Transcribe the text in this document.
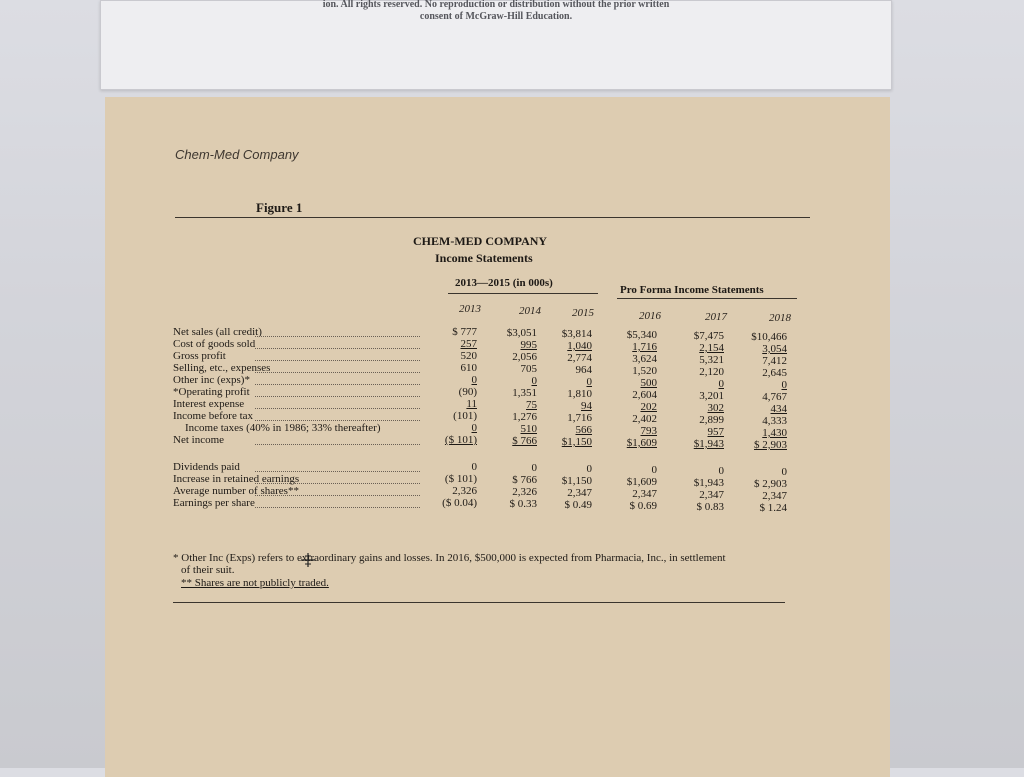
ion. All rights reserved. No reproduction or distribution without the prior written
consent of McGraw-Hill Education.
Chem-Med Company
Figure 1
CHEM-MED COMPANY
Income Statements
2013—2015 (in 000s)
Pro Forma Income Statements
2013	2014	2015	2016	2017	2018
Net sales (all credit)	$ 777	$3,051	$3,814	$5,340	$7,475	$10,466
Cost of goods sold	257	995	1,040	1,716	2,154	3,054
Gross profit	520	2,056	2,774	3,624	5,321	7,412
Selling, etc., expenses	610	705	964	1,520	2,120	2,645
Other inc (exps)*	0	0	0	500	0	0
*Operating profit	(90)	1,351	1,810	2,604	3,201	4,767
Interest expense	11	75	94	202	302	434
Income before tax	(101)	1,276	1,716	2,402	2,899	4,333
Income taxes (40% in 1986; 33% thereafter)	0	510	566	793	957	1,430
Net income	($ 101)	$ 766	$1,150	$1,609	$1,943	$ 2,903
Dividends paid	0	0	0	0	0	0
Increase in retained earnings	($ 101)	$ 766	$1,150	$1,609	$1,943	$ 2,903
Average number of shares**	2,326	2,326	2,347	2,347	2,347	2,347
Earnings per share	($ 0.04)	$ 0.33	$ 0.49	$ 0.69	$ 0.83	$ 1.24
* Other Inc (Exps) refers to extraordinary gains and losses. In 2016, $500,000 is expected from Pharmacia, Inc., in settlement
of their suit.
** Shares are not publicly traded.
